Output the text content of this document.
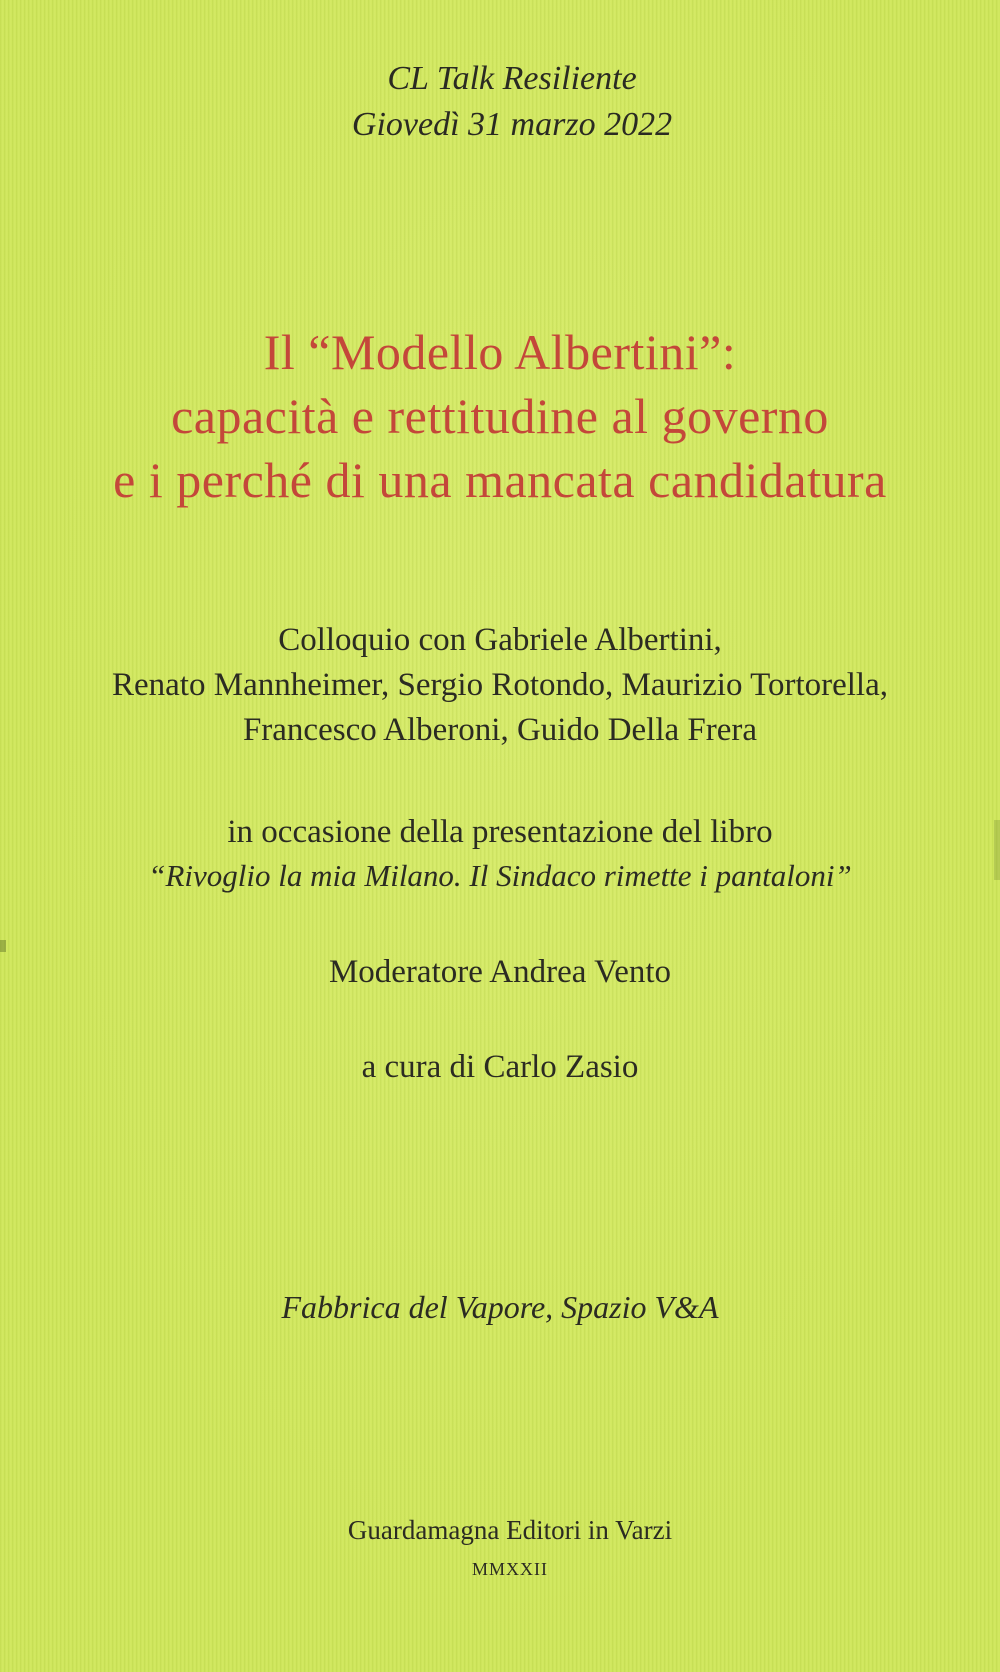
CL Talk Resiliente
Giovedì 31 marzo 2022
Il “Modello Albertini”:
capacità e rettitudine al governo
e i perché di una mancata candidatura
Colloquio con Gabriele Albertini,
Renato Mannheimer, Sergio Rotondo, Maurizio Tortorella,
Francesco Alberoni, Guido Della Frera
in occasione della presentazione del libro
“Rivoglio la mia Milano. Il Sindaco rimette i pantaloni”
Moderatore Andrea Vento
a cura di Carlo Zasio
Fabbrica del Vapore, Spazio V&A
Guardamagna Editori in Varzi
MMXXII
